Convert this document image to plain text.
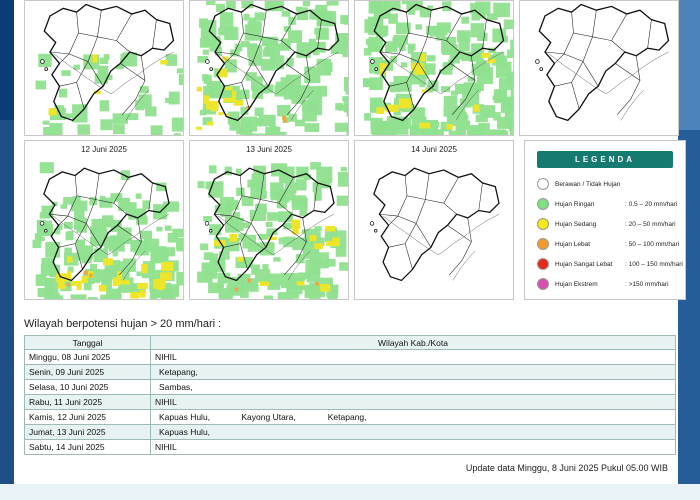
12 Juni 2025	13 Juni 2025	14 Juni 2025
LEGENDA
Berawan / Tidak Hujan
Hujan Ringan	: 0.5 – 20 mm/hari
Hujan Sedang	: 20 – 50 mm/hari
Hujan Lebat	: 50 – 100 mm/hari
Hujan Sangat Lebat	: 100 – 150 mm/hari
Hujan Ekstrem	: >150 mm/hari
Wilayah berpotensi hujan > 20 mm/hari :
Tanggal	Wilayah Kab./Kota
Minggu, 08 Juni 2025	NIHIL
Senin, 09 Juni 2025	Ketapang,
Selasa, 10 Juni 2025	Sambas,
Rabu, 11 Juni 2025	NIHIL
Kamis, 12 Juni 2025	Kapuas Hulu, Kayong Utara, Ketapang,
Jumat, 13 Juni 2025	Kapuas Hulu,
Sabtu, 14 Juni 2025	NIHIL
Update data Minggu, 8 Juni 2025 Pukul 05.00 WIB
